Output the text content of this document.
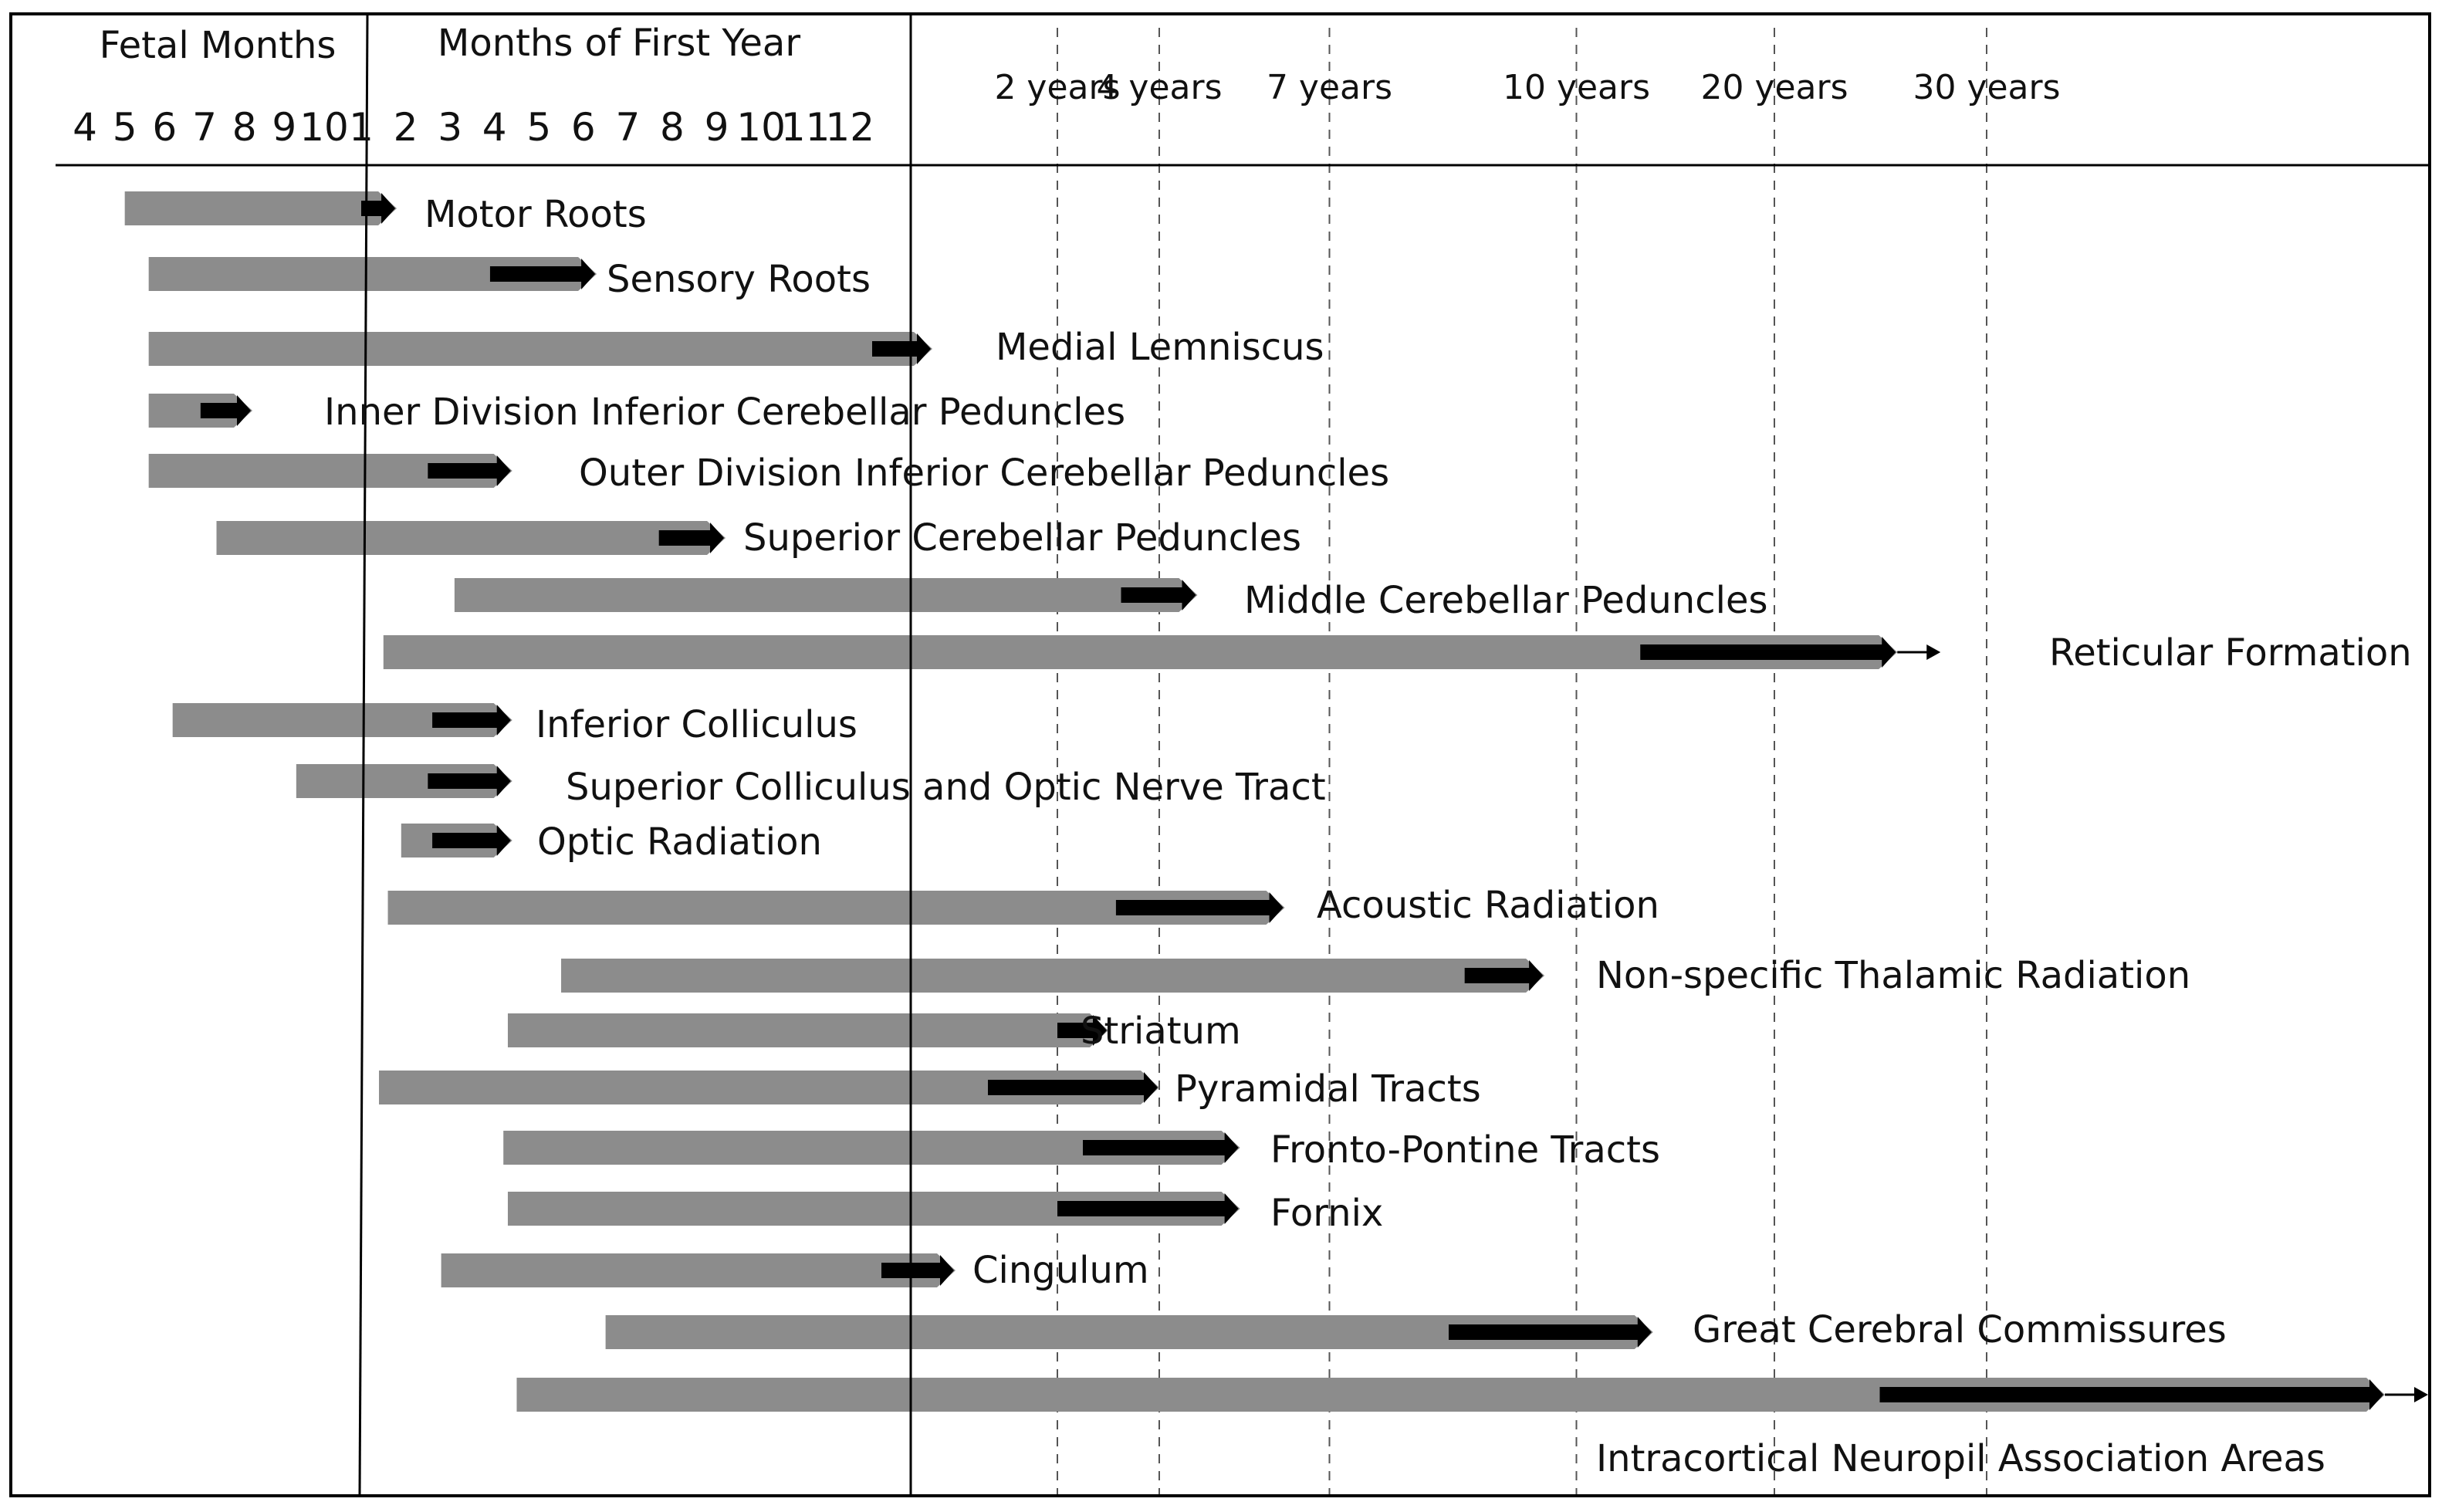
Fetal Months	Months of First Year
4 5 6 7 8 9 10 1 2 3 4 5 6 7 8 9 10
11
12
2 years
4 years 7 years	10 years 20 years 30 years
Motor Roots
Sensory Roots
Medial Lemniscus
Inner Division Inferior Cerebellar Peduncles
Outer Division Inferior Cerebellar Peduncles
Superior Cerebellar Peduncles
Middle Cerebellar Peduncles
Reticular Formation
Inferior Colliculus
Superior Colliculus and Optic Nerve Tract
Optic Radiation
Acoustic Radiation
Non-specific Thalamic Radiation
Striatum
Pyramidal Tracts
Fronto-Pontine Tracts
Fornix
Cingulum
Great Cerebral Commissures
Intracortical Neuropil Association Areas
